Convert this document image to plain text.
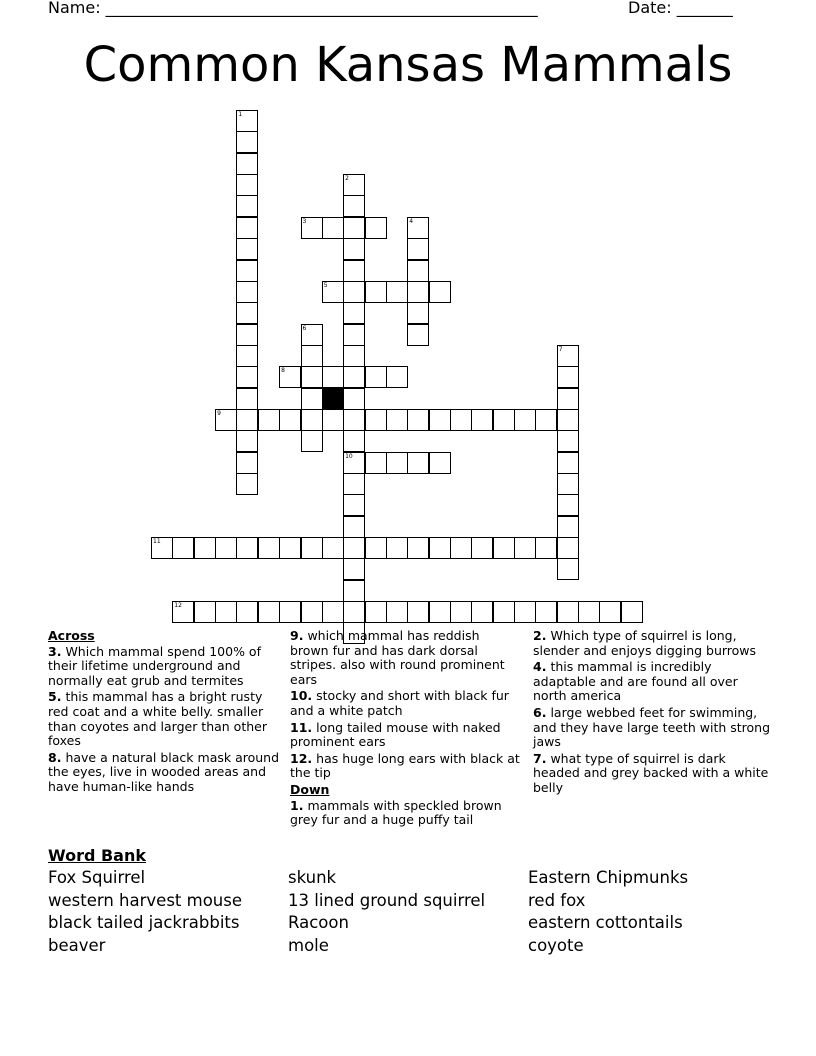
Name: ______________________________________________________	Date: _______
Common Kansas Mammals
1
2
10
3	4
5
6
7
8
9
11
12
Across
3. Which mammal spend 100% of their lifetime underground and normally eat grub and termites
5. this mammal has a bright rusty red coat and a white belly. smaller than coyotes and larger than other foxes
8. have a natural black mask around the eyes, live in wooded areas and have human-like hands
9. which mammal has reddish brown fur and has dark dorsal stripes. also with round prominent ears
10. stocky and short with black fur and a white patch
11. long tailed mouse with naked prominent ears
12. has huge long ears with black at the tip
Down
1. mammals with speckled brown grey fur and a huge puffy tail
2. Which type of squirrel is long, slender and enjoys digging burrows
4. this mammal is incredibly adaptable and are found all over north america
6. large webbed feet for swimming, and they have large teeth with strong jaws
7. what type of squirrel is dark headed and grey backed with a white belly
Word Bank
Fox Squirrel
western harvest mouse
black tailed jackrabbits
beaver
skunk
13 lined ground squirrel
Racoon
mole
Eastern Chipmunks
red fox
eastern cottontails
coyote
